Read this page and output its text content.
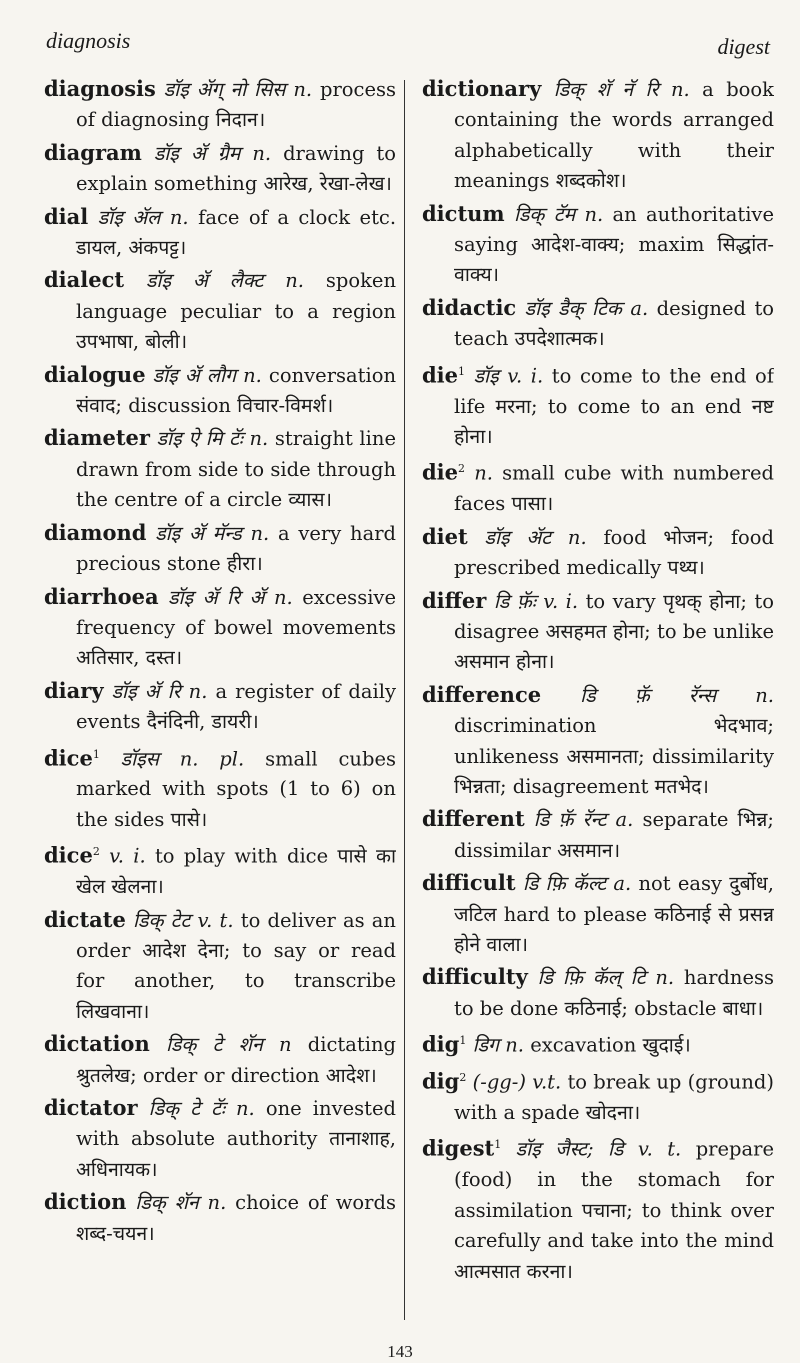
diagnosis	digest
diagnosis डॉइ ॲग् नो सिस n. process of diagnosing निदान।
diagram डॉइ ॲ ग्रैम n. drawing to explain something आरेख, रेखा-लेख।
dial डॉइ ॲल n. face of a clock etc. डायल, अंकपट्ट।
dialect डॉइ ॲ लैक्ट n. spoken language peculiar to a region उपभाषा, बोली।
dialogue डॉइ ॲ लौग n. conversation संवाद; discussion विचार-विमर्श।
diameter डॉइ ऐ मि टॅः n. straight line drawn from side to side through the centre of a circle व्यास।
diamond डॉइ ॲ मॅन्ड n. a very hard precious stone हीरा।
diarrhoea डॉइ ॲ रि ॲ n. excessive frequency of bowel movements अतिसार, दस्त।
diary डॉइ ॲ रि n. a register of daily events दैनंदिनी, डायरी।
dice$^1$ डॉइस n. pl. small cubes marked with spots (1 to 6) on the sides पासे।
dice$^2$ v. i. to play with dice पासे का खेल खेलना।
dictate डिक् टेट v. t. to deliver as an order आदेश देना; to say or read for another, to transcribe लिखवाना।
dictation डिक् टे शॅन n dictating श्रुतलेख; order or direction आदेश।
dictator डिक् टे टॅः n. one invested with absolute authority तानाशाह, अधिनायक।
diction डिक् शॅन n. choice of words शब्द-चयन।
dictionary डिक् शॅ नॅ रि n. a book containing the words arranged alphabetically with their meanings शब्दकोश।
dictum डिक् टॅम n. an authoritative saying आदेश-वाक्य; maxim सिद्धांत-वाक्य।
didactic डॉइ डैक् टिक a. designed to teach उपदेशात्मक।
die$^1$ डॉइ v. i. to come to the end of life मरना; to come to an end नष्ट होना।
die$^2$ n. small cube with numbered faces पासा।
diet डॉइ ॲट n. food भोजन; food prescribed medically पथ्य।
differ डि फ़ॅः v. i. to vary पृथक् होना; to disagree असहमत होना; to be unlike असमान होना।
difference डि फ़ॅ रॅन्स n. discrimination भेदभाव; unlikeness असमानता; dissimilarity भिन्नता; disagreement मतभेद।
different डि फ़ॅ रॅन्ट a. separate भिन्न; dissimilar असमान।
difficult डि फ़ि कॅल्ट a. not easy दुर्बोध, जटिल hard to please कठिनाई से प्रसन्न होने वाला।
difficulty डि फ़ि कॅल् टि n. hardness to be done कठिनाई; obstacle बाधा।
dig$^1$ डिग n. excavation खुदाई।
dig$^2$ (-gg-) v.t. to break up (ground) with a spade खोदना।
digest$^1$ डॉइ जैस्ट; डि v. t. prepare (food) in the stomach for assimilation पचाना; to think over carefully and take into the mind आत्मसात करना।
143
